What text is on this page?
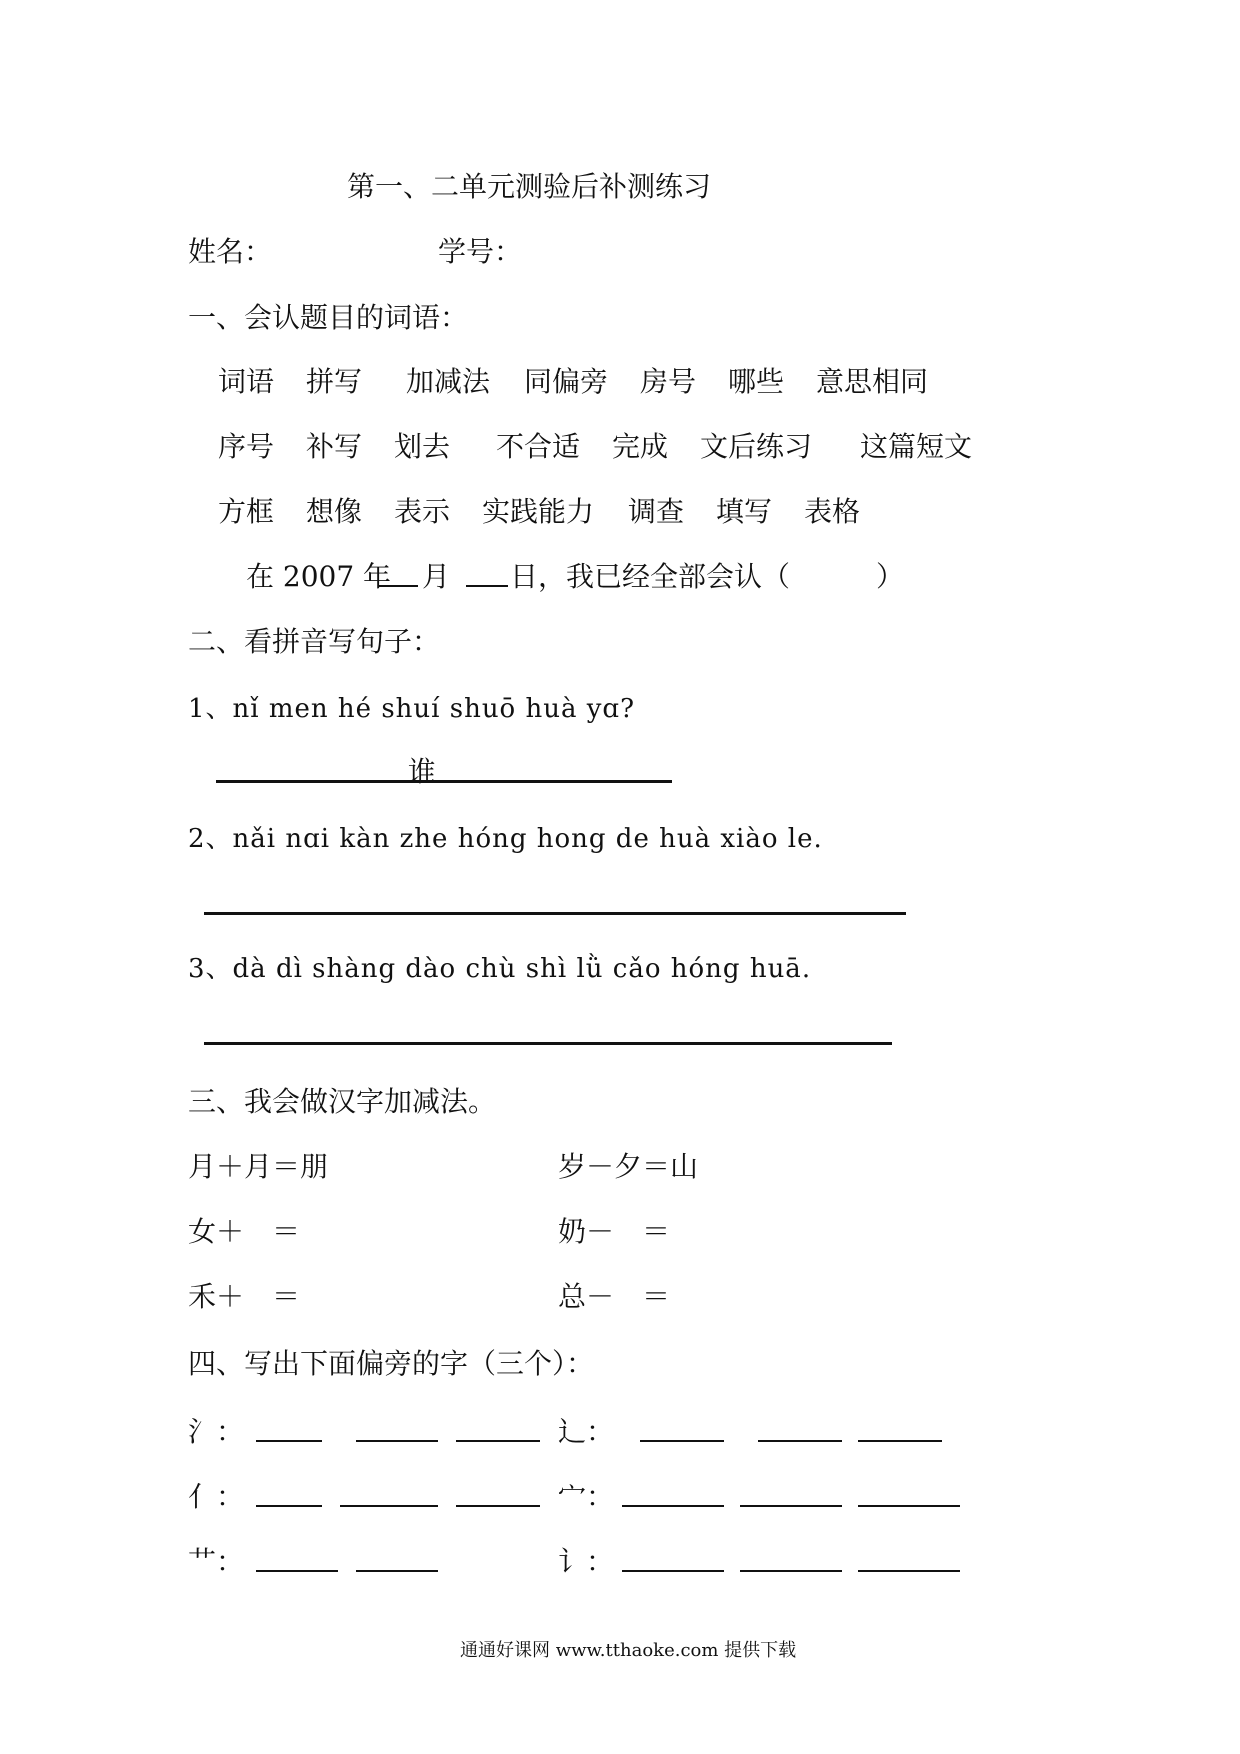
第一、二单元测验后补测练习
姓名：	学号：
一、会认题目的词语：
词语 拼写 加减法 同偏旁 房号 哪些 意思相同
序号 补写 划去 不合适 完成 文后练习 这篇短文
方框 想像 表示 实践能力 调查 填写 表格
在 2007 年 月 日，我已经全部会认（	）
二、看拼音写句子：
1、nǐ men hé shuí shuō huà yɑ?
谁
2、nǎi nɑi kàn zhe hóng hong de huà xiào le.
3、dà dì shàng dào chù shì lǜ cǎo hóng huā.
三、我会做汉字加减法。
月＋月＝朋	岁－夕＝山
女＋　＝	奶－　＝
禾＋　＝	总－　＝
四、写出下面偏旁的字（三个）：
氵：	辶：
亻：	宀：
艹：	讠：
通通好课网 www.tthaoke.com 提供下载
